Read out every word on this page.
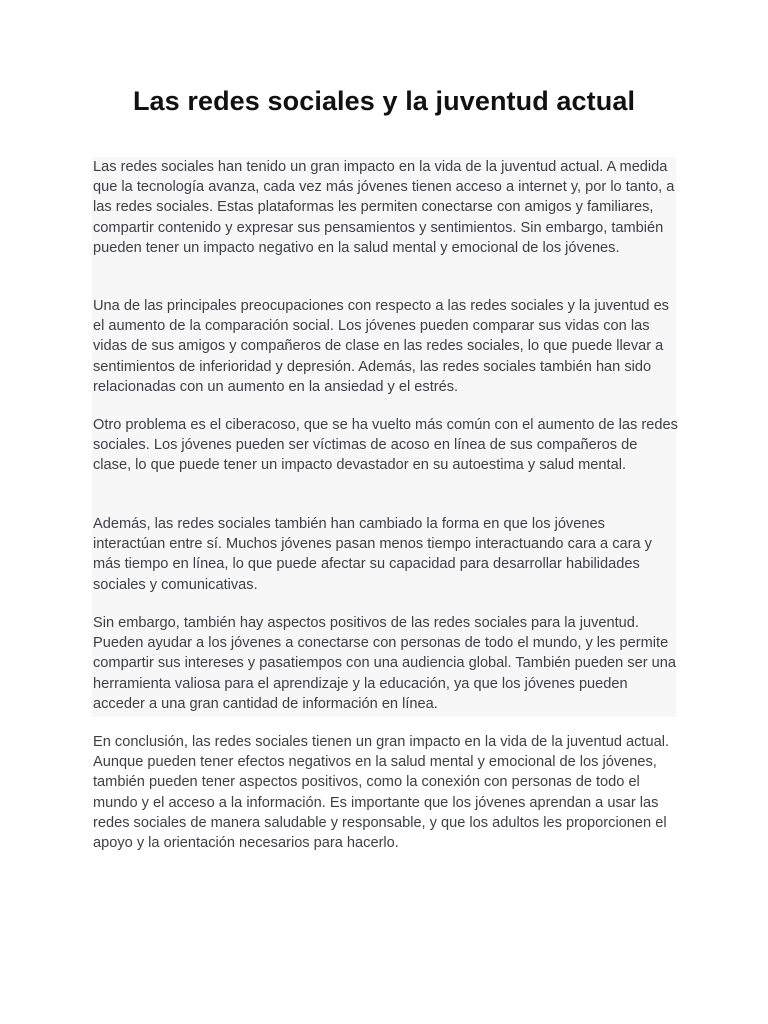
Las redes sociales y la juventud actual

Las redes sociales han tenido un gran impacto en la vida de la juventud actual. A medida que la tecnología avanza, cada vez más jóvenes tienen acceso a internet y, por lo tanto, a las redes sociales. Estas plataformas les permiten conectarse con amigos y familiares, compartir contenido y expresar sus pensamientos y sentimientos. Sin embargo, también pueden tener un impacto negativo en la salud mental y emocional de los jóvenes.

Una de las principales preocupaciones con respecto a las redes sociales y la juventud es el aumento de la comparación social. Los jóvenes pueden comparar sus vidas con las vidas de sus amigos y compañeros de clase en las redes sociales, lo que puede llevar a sentimientos de inferioridad y depresión. Además, las redes sociales también han sido relacionadas con un aumento en la ansiedad y el estrés.

Otro problema es el ciberacoso, que se ha vuelto más común con el aumento de las redes sociales. Los jóvenes pueden ser víctimas de acoso en línea de sus compañeros de clase, lo que puede tener un impacto devastador en su autoestima y salud mental.

Además, las redes sociales también han cambiado la forma en que los jóvenes interactúan entre sí. Muchos jóvenes pasan menos tiempo interactuando cara a cara y más tiempo en línea, lo que puede afectar su capacidad para desarrollar habilidades sociales y comunicativas.

Sin embargo, también hay aspectos positivos de las redes sociales para la juventud. Pueden ayudar a los jóvenes a conectarse con personas de todo el mundo, y les permite compartir sus intereses y pasatiempos con una audiencia global. También pueden ser una herramienta valiosa para el aprendizaje y la educación, ya que los jóvenes pueden acceder a una gran cantidad de información en línea.

En conclusión, las redes sociales tienen un gran impacto en la vida de la juventud actual. Aunque pueden tener efectos negativos en la salud mental y emocional de los jóvenes, también pueden tener aspectos positivos, como la conexión con personas de todo el mundo y el acceso a la información. Es importante que los jóvenes aprendan a usar las redes sociales de manera saludable y responsable, y que los adultos les proporcionen el apoyo y la orientación necesarios para hacerlo.
